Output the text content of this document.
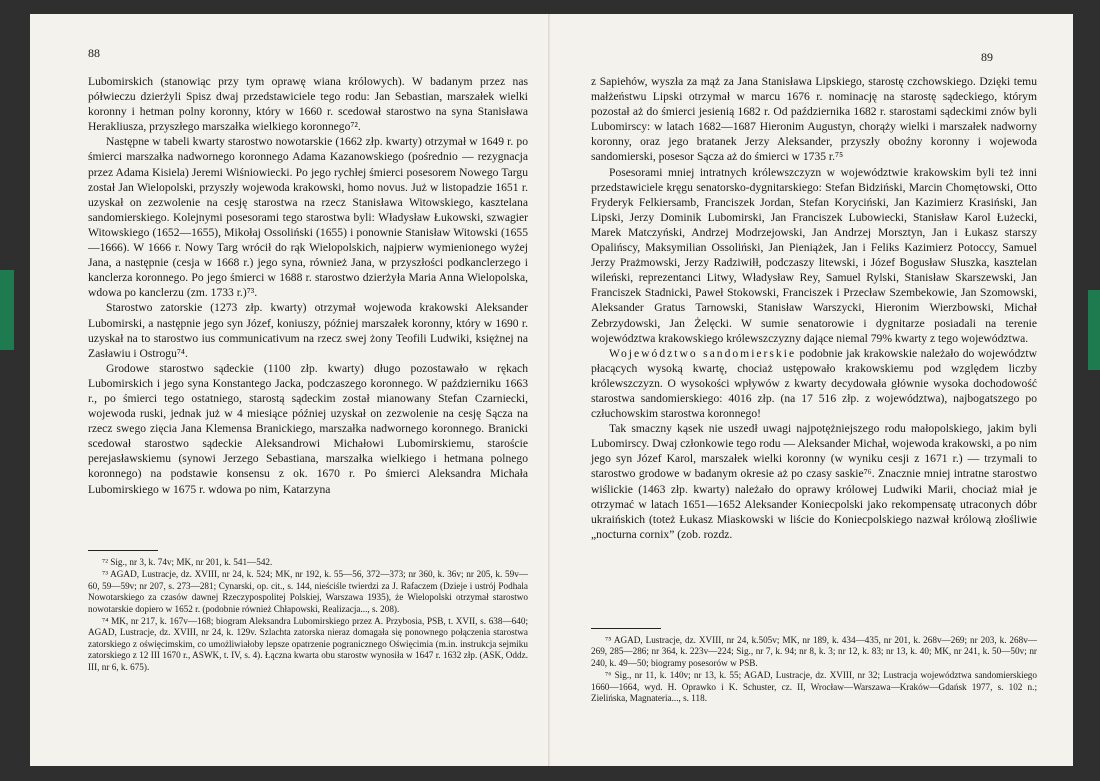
88

Lubomirskich (stanowiąc przy tym oprawę wiana królowych). W badanym przez nas półwieczu dzierżyli Spisz dwaj przedstawiciele tego rodu: Jan Sebastian, marszałek wielki koronny i hetman polny koronny, który w 1660 r. scedował starostwo na syna Stanisława Herakliusza, przyszłego marszałka wielkiego koronnego⁷².

Następne w tabeli kwarty starostwo nowotarskie (1662 złp. kwarty) otrzymał w 1649 r. po śmierci marszałka nadwornego koronnego Adama Kazanowskiego (pośrednio — rezygnacja przez Adama Kisiela) Jeremi Wiśniowiecki. Po jego rychłej śmierci posesorem Nowego Targu został Jan Wielopolski, przyszły wojewoda krakowski, homo novus. Już w listopadzie 1651 r. uzyskał on zezwolenie na cesję starostwa na rzecz Stanisława Witowskiego, kasztelana sandomierskiego. Kolejnymi posesorami tego starostwa byli: Władysław Łukowski, szwagier Witowskiego (1652—1655), Mikołaj Ossoliński (1655) i ponownie Stanisław Witowski (1655—1666). W 1666 r. Nowy Targ wrócił do rąk Wielopolskich, najpierw wymienionego wyżej Jana, a następnie (cesja w 1668 r.) jego syna, również Jana, w przyszłości podkanclerzego i kanclerza koronnego. Po jego śmierci w 1688 r. starostwo dzierżyła Maria Anna Wielopolska, wdowa po kanclerzu (zm. 1733 r.)⁷³.

Starostwo zatorskie (1273 złp. kwarty) otrzymał wojewoda krakowski Aleksander Lubomirski, a następnie jego syn Józef, koniuszy, później marszałek koronny, który w 1690 r. uzyskał na to starostwo ius communicativum na rzecz swej żony Teofili Ludwiki, księżnej na Zasławiu i Ostrogu⁷⁴.

Grodowe starostwo sądeckie (1100 złp. kwarty) długo pozostawało w rękach Lubomirskich i jego syna Konstantego Jacka, podczaszego koronnego. W październiku 1663 r., po śmierci tego ostatniego, starostą sądeckim został mianowany Stefan Czarniecki, wojewoda ruski, jednak już w 4 miesiące później uzyskał on zezwolenie na cesję Sącza na rzecz swego zięcia Jana Klemensa Branickiego, marszałka nadwornego koronnego. Branicki scedował starostwo sądeckie Aleksandrowi Michałowi Lubomirskiemu, staroście perejasławskiemu (synowi Jerzego Sebastiana, marszałka wielkiego i hetmana polnego koronnego) na podstawie konsensu z ok. 1670 r. Po śmierci Aleksandra Michała Lubomirskiego w 1675 r. wdowa po nim, Katarzyna

⁷² Sig., nr 3, k. 74v; MK, nr 201, k. 541—542.

⁷³ AGAD, Lustracje, dz. XVIII, nr 24, k. 524; MK, nr 192, k. 55—56, 372—373; nr 360, k. 36v; nr 205, k. 59v—60, 59—59v; nr 207, s. 273—281; Cynarski, op. cit., s. 144, nieściśle twierdzi za J. Rafaczem (Dzieje i ustrój Podhala Nowotarskiego za czasów dawnej Rzeczypospolitej Polskiej, Warszawa 1935), że Wielopolski otrzymał starostwo nowotarskie dopiero w 1652 r. (podobnie również Chłapowski, Realizacja..., s. 208).

⁷⁴ MK, nr 217, k. 167v—168; biogram Aleksandra Lubomirskiego przez A. Przybosia, PSB, t. XVII, s. 638—640; AGAD, Lustracje, dz. XVIII, nr 24, k. 129v. Szlachta zatorska nieraz domagała się ponownego połączenia starostwa zatorskiego z oświęcimskim, co umożliwiałoby lepsze opatrzenie pogranicznego Oświęcimia (m.in. instrukcja sejmiku zatorskiego z 12 III 1670 r., ASWK, t. IV, s. 4). Łączna kwarta obu starostw wynosiła w 1647 r. 1632 złp. (ASK, Oddz. III, nr 6, k. 675).

89

z Sapiehów, wyszła za mąż za Jana Stanisława Lipskiego, starostę czchowskiego. Dzięki temu małżeństwu Lipski otrzymał w marcu 1676 r. nominację na starostę sądeckiego, którym pozostał aż do śmierci jesienią 1682 r. Od października 1682 r. starostami sądeckimi znów byli Lubomirscy: w latach 1682—1687 Hieronim Augustyn, chorąży wielki i marszałek nadworny koronny, oraz jego bratanek Jerzy Aleksander, przyszły oboźny koronny i wojewoda sandomierski, posesor Sącza aż do śmierci w 1735 r.⁷⁵

Posesorami mniej intratnych królewszczyzn w województwie krakowskim byli też inni przedstawiciele kręgu senatorsko-dygnitarskiego: Stefan Bidziński, Marcin Chomętowski, Otto Fryderyk Felkiersamb, Franciszek Jordan, Stefan Koryciński, Jan Kazimierz Krasiński, Jan Lipski, Jerzy Dominik Lubomirski, Jan Franciszek Lubowiecki, Stanisław Karol Łużecki, Marek Matczyński, Andrzej Modrzejowski, Jan Andrzej Morsztyn, Jan i Łukasz starszy Opalińscy, Maksymilian Ossoliński, Jan Pieniążek, Jan i Feliks Kazimierz Potoccy, Samuel Jerzy Prażmowski, Jerzy Radziwiłł, podczaszy litewski, i Józef Bogusław Słuszka, kasztelan wileński, reprezentanci Litwy, Władysław Rey, Samuel Rylski, Stanisław Skarszewski, Jan Franciszek Stadnicki, Paweł Stokowski, Franciszek i Przecław Szembekowie, Jan Szomowski, Aleksander Gratus Tarnowski, Stanisław Warszycki, Hieronim Wierzbowski, Michał Zebrzydowski, Jan Żelęcki. W sumie senatorowie i dygnitarze posiadali na terenie województwa krakowskiego królewszczyzny dające niemal 79% kwarty z tego województwa.

Województwo sandomierskie podobnie jak krakowskie należało do województw płacących wysoką kwartę, chociaż ustępowało krakowskiemu pod względem liczby królewszczyzn. O wysokości wpływów z kwarty decydowała głównie wysoka dochodowość starostwa sandomierskiego: 4016 złp. (na 17 516 złp. z województwa), najbogatszego po człuchowskim starostwa koronnego!

Tak smaczny kąsek nie uszedł uwagi najpotężniejszego rodu małopolskiego, jakim byli Lubomirscy. Dwaj członkowie tego rodu — Aleksander Michał, wojewoda krakowski, a po nim jego syn Józef Karol, marszałek wielki koronny (w wyniku cesji z 1671 r.) — trzymali to starostwo grodowe w badanym okresie aż po czasy saskie⁷⁶. Znacznie mniej intratne starostwo wiślickie (1463 złp. kwarty) należało do oprawy królowej Ludwiki Marii, chociaż miał je otrzymać w latach 1651—1652 Aleksander Koniecpolski jako rekompensatę utraconych dóbr ukraińskich (toteż Łukasz Miaskowski w liście do Koniecpolskiego nazwał królową złośliwie „nocturna cornix” (zob. rozdz.

⁷⁵ AGAD, Lustracje, dz. XVIII, nr 24, k.505v; MK, nr 189, k. 434—435, nr 201, k. 268v—269; nr 203, k. 268v—269, 285—286; nr 364, k. 223v—224; Sig., nr 7, k. 94; nr 8, k. 3; nr 12, k. 83; nr 13, k. 40; MK, nr 241, k. 50—50v; nr 240, k. 49—50; biogramy posesorów w PSB.

⁷⁶ Sig., nr 11, k. 140v; nr 13, k. 55; AGAD, Lustracje, dz. XVIII, nr 32; Lustracja województwa sandomierskiego 1660—1664, wyd. H. Oprawko i K. Schuster, cz. II, Wrocław—Warszawa—Kraków—Gdańsk 1977, s. 102 n.; Zielińska, Magnateria..., s. 118.
